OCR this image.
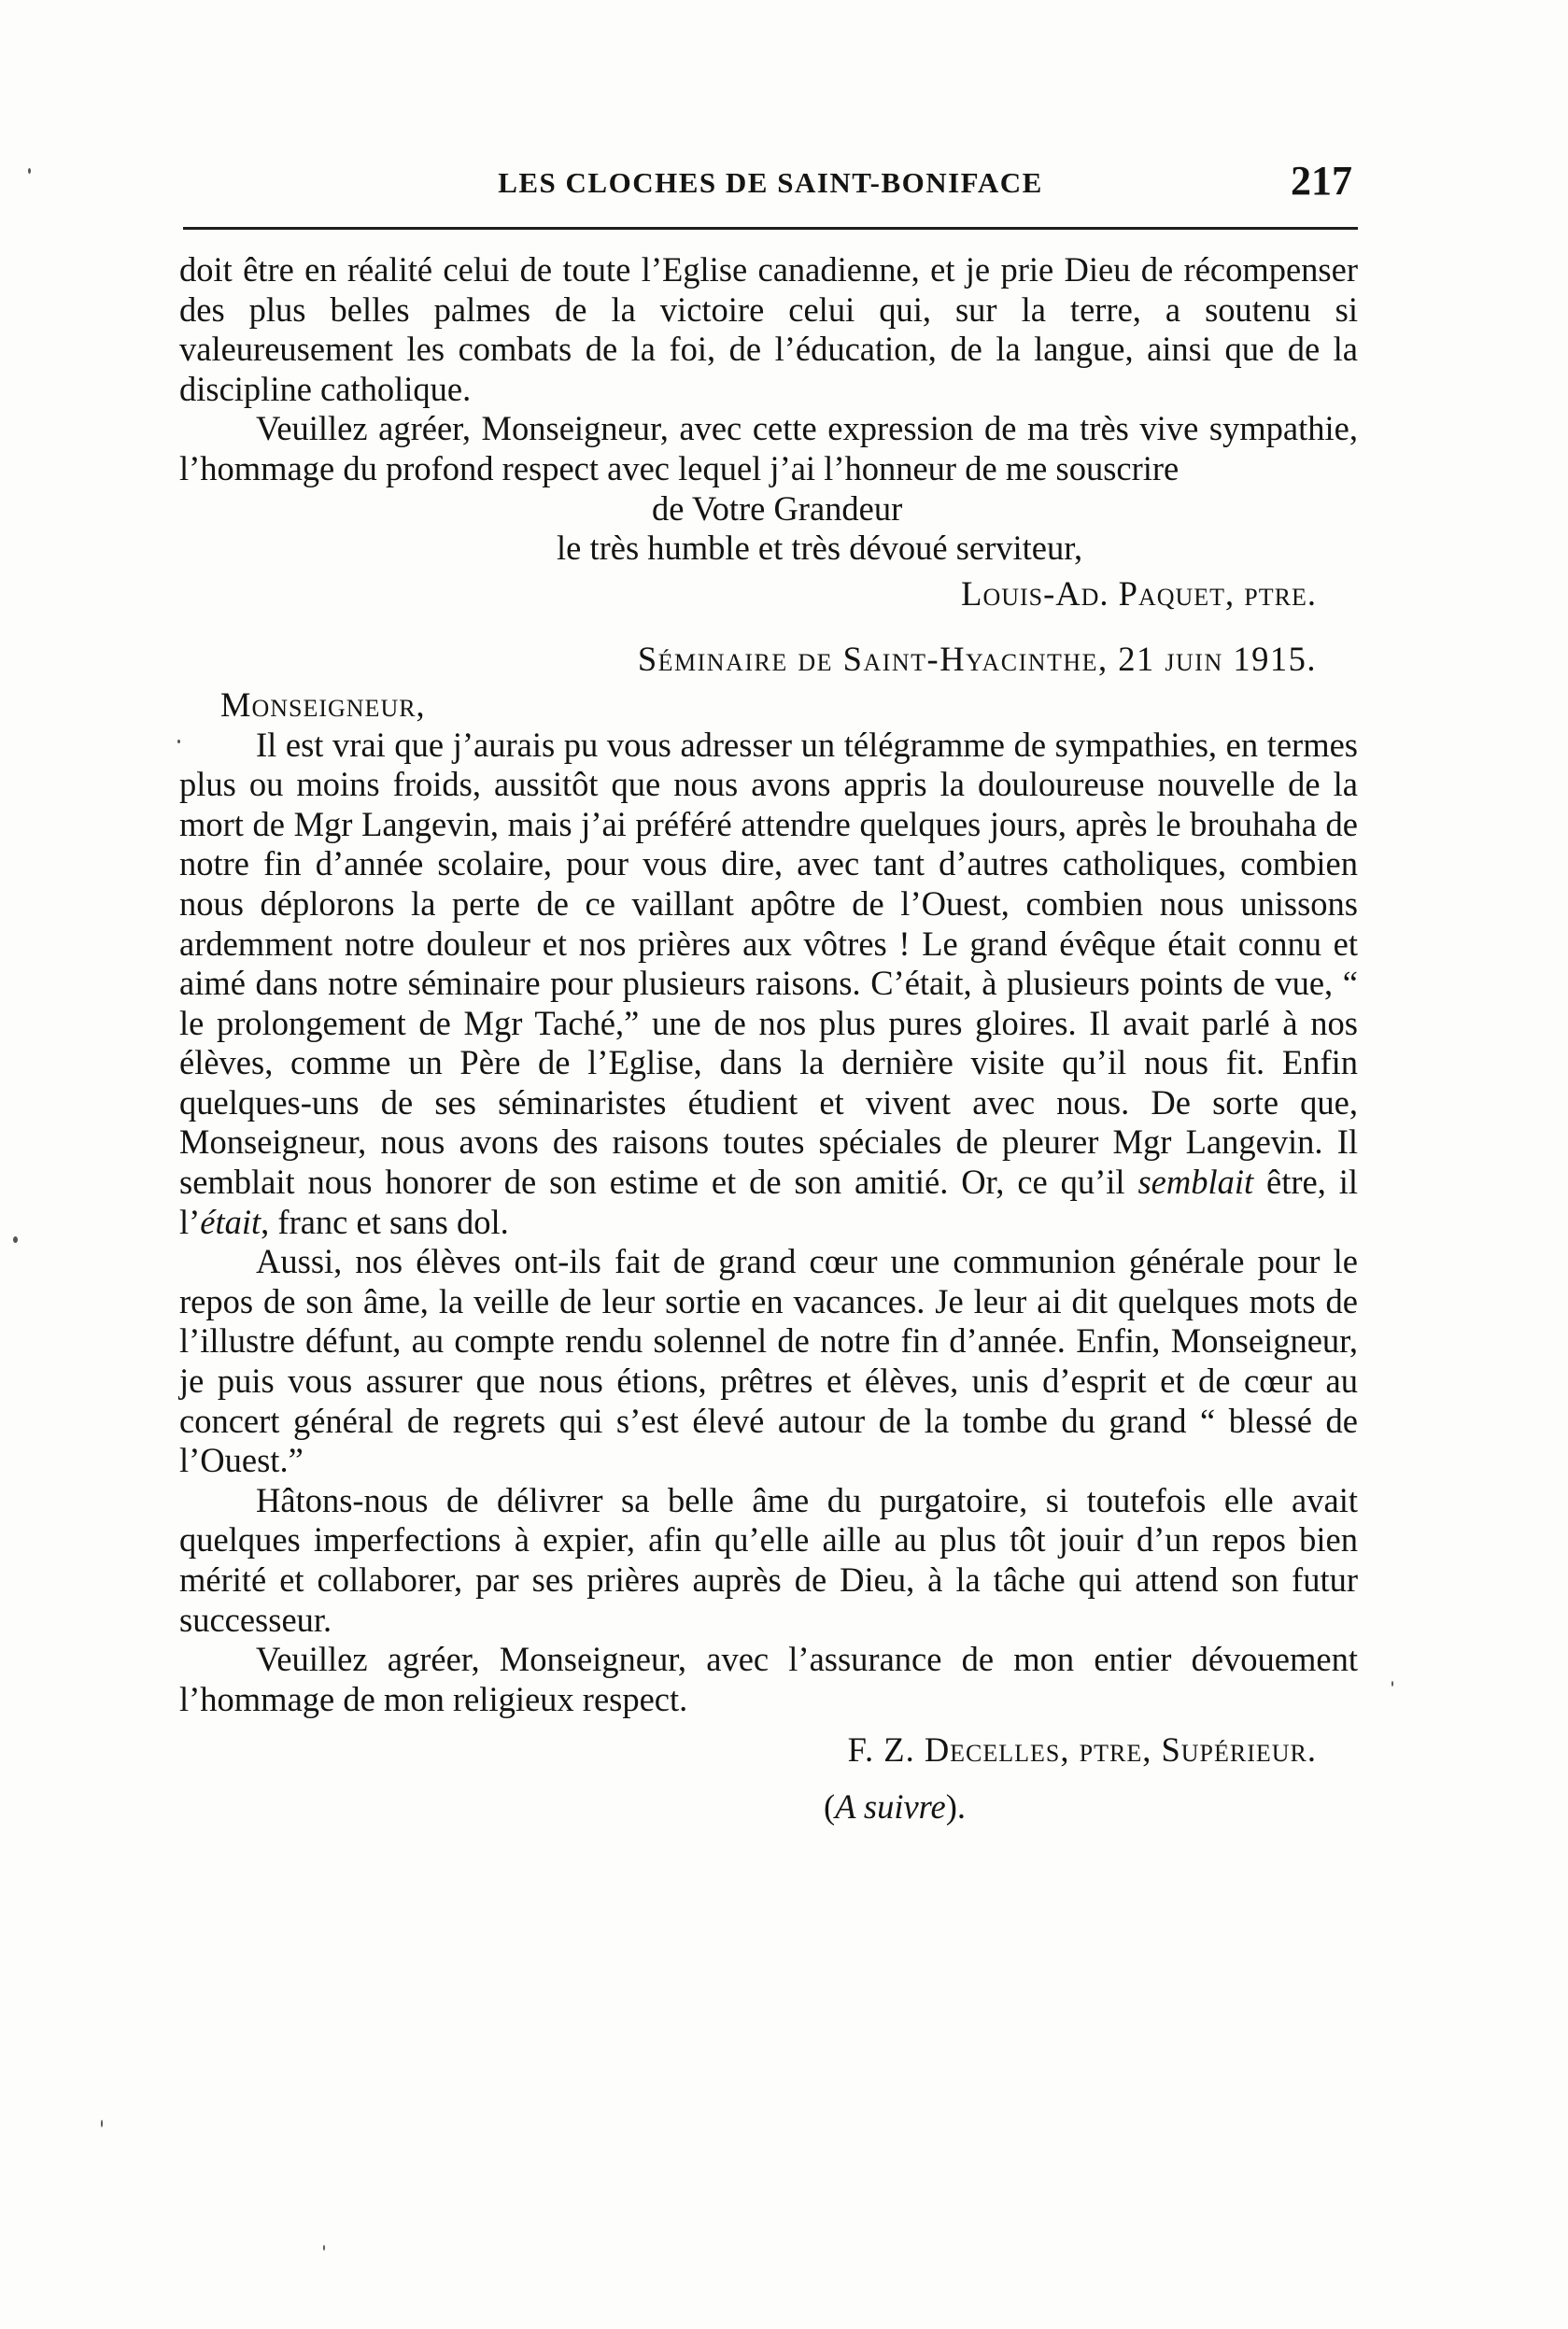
LES CLOCHES DE SAINT-BONIFACE	217

doit être en réalité celui de toute l’Eglise canadienne, et je prie Dieu de récompenser des plus belles palmes de la victoire celui qui, sur la terre, a soutenu si valeureusement les combats de la foi, de l’éducation, de la langue, ainsi que de la discipline catholique.

Veuillez agréer, Monseigneur, avec cette expression de ma très vive sympathie, l’hommage du profond respect avec lequel j’ai l’honneur de me souscrire

de Votre Grandeur
le très humble et très dévoué serviteur,
Louis-Ad. Paquet, ptre.
Séminaire de Saint-Hyacinthe, 21 juin 1915.
Monseigneur,

Il est vrai que j’aurais pu vous adresser un télégramme de sympathies, en termes plus ou moins froids, aussitôt que nous avons appris la douloureuse nouvelle de la mort de Mgr Langevin, mais j’ai préféré attendre quelques jours, après le brouhaha de notre fin d’année scolaire, pour vous dire, avec tant d’autres catholiques, combien nous déplorons la perte de ce vaillant apôtre de l’Ouest, combien nous unissons ardemment notre douleur et nos prières aux vôtres ! Le grand évêque était connu et aimé dans notre séminaire pour plusieurs raisons. C’était, à plusieurs points de vue, “ le prolongement de Mgr Taché,” une de nos plus pures gloires. Il avait parlé à nos élèves, comme un Père de l’Eglise, dans la dernière visite qu’il nous fit. Enfin quelques-uns de ses séminaristes étudient et vivent avec nous. De sorte que, Monseigneur, nous avons des raisons toutes spéciales de pleurer Mgr Langevin. Il semblait nous honorer de son estime et de son amitié. Or, ce qu’il semblait être, il l’était, franc et sans dol.

Aussi, nos élèves ont-ils fait de grand cœur une communion générale pour le repos de son âme, la veille de leur sortie en vacances. Je leur ai dit quelques mots de l’illustre défunt, au compte rendu solennel de notre fin d’année. Enfin, Monseigneur, je puis vous assurer que nous étions, prêtres et élèves, unis d’esprit et de cœur au concert général de regrets qui s’est élevé autour de la tombe du grand “ blessé de l’Ouest.”

Hâtons-nous de délivrer sa belle âme du purgatoire, si toutefois elle avait quelques imperfections à expier, afin qu’elle aille au plus tôt jouir d’un repos bien mérité et collaborer, par ses prières auprès de Dieu, à la tâche qui attend son futur successeur.

Veuillez agréer, Monseigneur, avec l’assurance de mon entier dévouement l’hommage de mon religieux respect.

F. Z. Decelles, ptre, Supérieur.
(A suivre).
